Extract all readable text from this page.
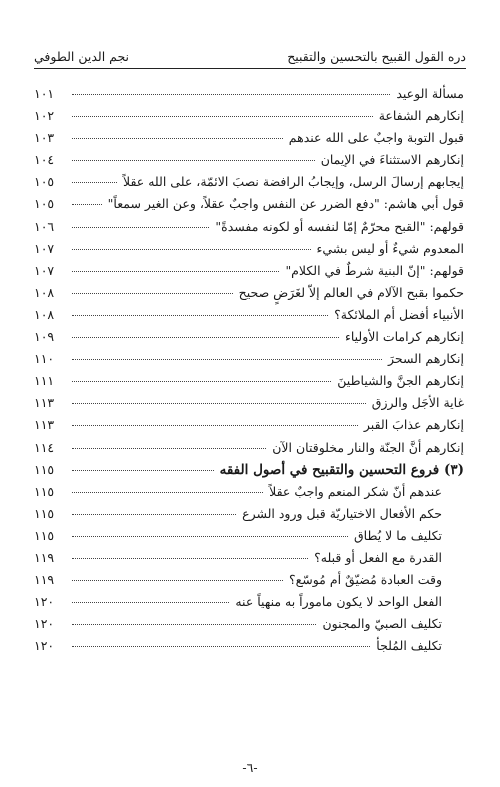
دره القول القبيح بالتحسين والتقبيح
نجم الدين الطوفي
مسألة الوعيد
١٠١
إنكارهم الشفاعة
١٠٢
قبول التوبة واجبٌ على الله عندهم
١٠٣
إنكارهم الاستثناءَ في الإيمان
١٠٤
إيجابهم إرسالَ الرسل، وإيجابُ الرافضة نصبَ الائمّة، على الله عقلاً
١٠٥
قول أبي هاشم: "دفع الضرر عن النفس واجبٌ عقلاً، وعن الغير سمعاً"
١٠٥
قولهم: "القبح محرّمٌ إمّا لنفسه أو لكونه مفسدةً"
١٠٦
المعدوم شيءٌ أو ليس بشيء
١٠٧
قولهم: "إنّ البنية شرطٌ في الكلام"
١٠٧
حكموا بقبح الآلام في العالم إلاّ لغَرَضٍ صحيح
١٠٨
الأنبياء أفضل أم الملائكة؟
١٠٨
إنكارهم كرامات الأولياء
١٠٩
إنكارهم السحرَ
١١٠
إنكارهم الجنَّ والشياطينَ
١١١
غاية الأجَل والرزق
١١٣
إنكارهم عذابَ القبر
١١٣
إنكارهم أنَّ الجنّة والنار مخلوقتان الآن
١١٤
(٣) فروع التحسين والتقبيح في أصول الفقه
١١٥
عندهم أنّ شكر المنعم واجبٌ عقلاً
١١٥
حكم الأفعال الاختياريّة قبل ورود الشرع
١١٥
تكليف ما لا يُطاق
١١٥
القدرة مع الفعل أو قبله؟
١١٩
وقت العبادة مُضيّقٌ أم مُوسّع؟
١١٩
الفعل الواحد لا يكون ماموراً به منهياً عنه
١٢٠
تكليف الصبيّ والمجنون
١٢٠
تكليف المُلجأ
١٢٠
-٦-
